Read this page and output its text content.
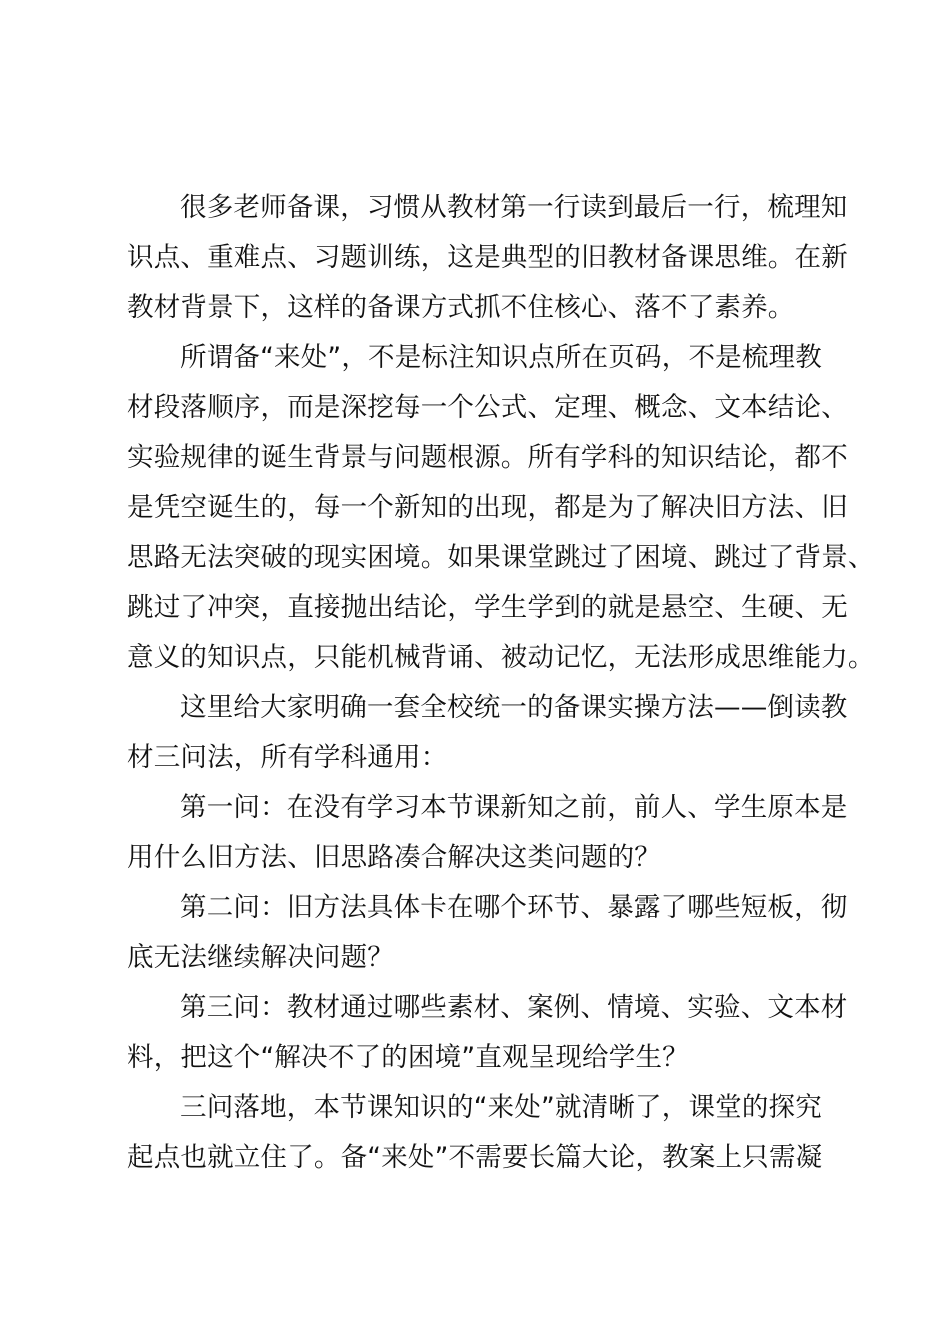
很多老师备课，习惯从教材第一行读到最后一行，梳理知
识点、重难点、习题训练，这是典型的旧教材备课思维。在新
教材背景下，这样的备课方式抓不住核心、落不了素养。
所谓备“来处”，不是标注知识点所在页码，不是梳理教
材段落顺序，而是深挖每一个公式、定理、概念、文本结论、
实验规律的诞生背景与问题根源。所有学科的知识结论，都不
是凭空诞生的，每一个新知的出现，都是为了解决旧方法、旧
思路无法突破的现实困境。如果课堂跳过了困境、跳过了背景、
跳过了冲突，直接抛出结论，学生学到的就是悬空、生硬、无
意义的知识点，只能机械背诵、被动记忆，无法形成思维能力。
这里给大家明确一套全校统一的备课实操方法——倒读教
材三问法，所有学科通用：
第一问：在没有学习本节课新知之前，前人、学生原本是
用什么旧方法、旧思路凑合解决这类问题的？
第二问：旧方法具体卡在哪个环节、暴露了哪些短板，彻
底无法继续解决问题？
第三问：教材通过哪些素材、案例、情境、实验、文本材
料，把这个“解决不了的困境”直观呈现给学生？
三问落地，本节课知识的“来处”就清晰了，课堂的探究
起点也就立住了。备“来处”不需要长篇大论，教案上只需凝
